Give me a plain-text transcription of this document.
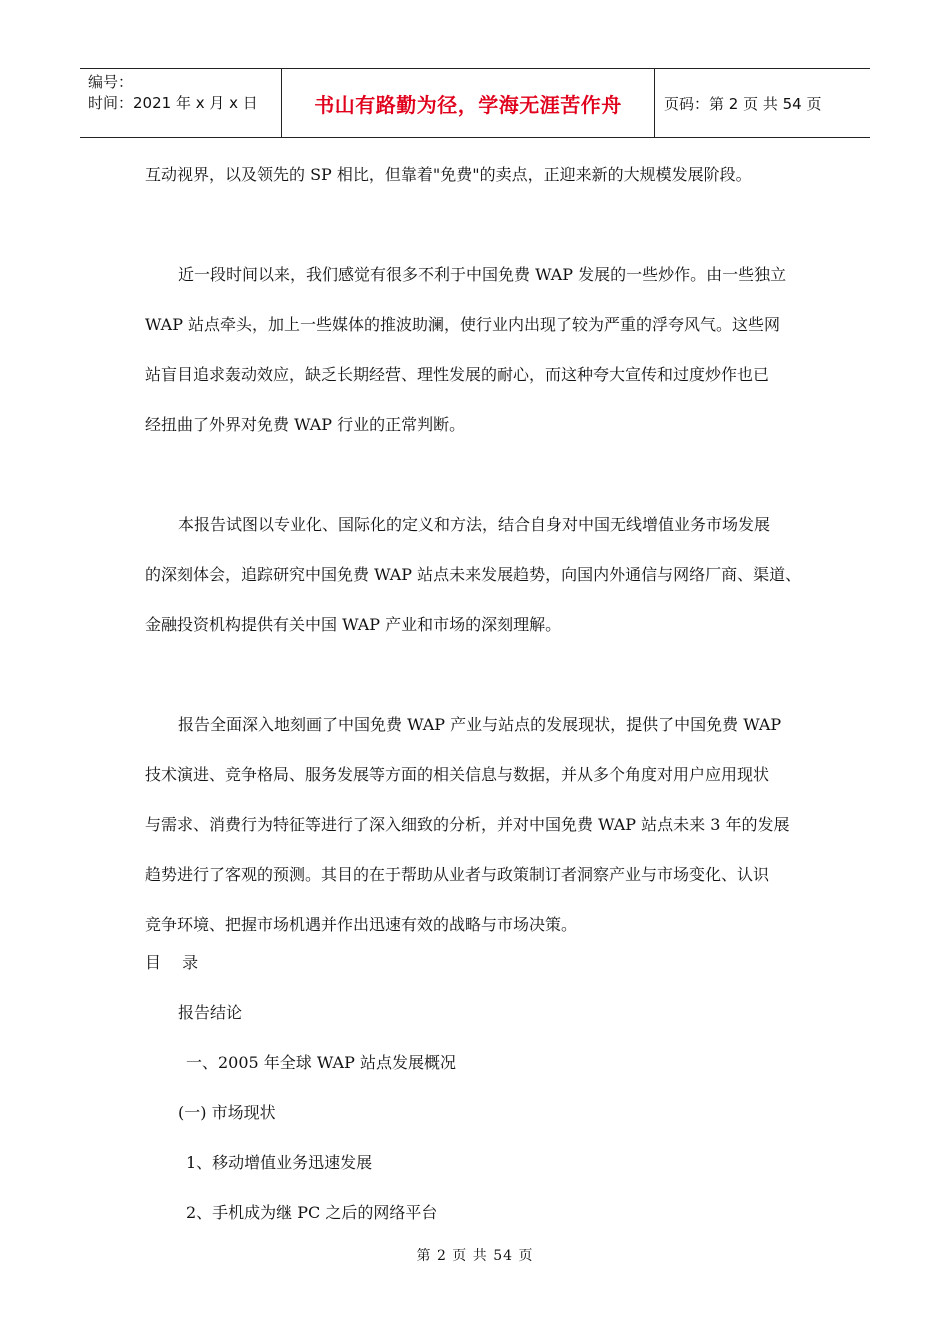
编号：
时间：2021 年 x 月 x 日	书山有路勤为径，学海无涯苦作舟	页码：第 2 页 共 54 页

互动视界，以及领先的 SP 相比，但靠着"免费"的卖点，正迎来新的大规模发展阶段。

近一段时间以来，我们感觉有很多不利于中国免费 WAP 发展的一些炒作。由一些独立

WAP 站点牵头，加上一些媒体的推波助澜，使行业内出现了较为严重的浮夸风气。这些网

站盲目追求轰动效应，缺乏长期经营、理性发展的耐心，而这种夸大宣传和过度炒作也已

经扭曲了外界对免费 WAP 行业的正常判断。

本报告试图以专业化、国际化的定义和方法，结合自身对中国无线增值业务市场发展

的深刻体会，追踪研究中国免费 WAP 站点未来发展趋势，向国内外通信与网络厂商、渠道、

金融投资机构提供有关中国 WAP 产业和市场的深刻理解。

报告全面深入地刻画了中国免费 WAP 产业与站点的发展现状，提供了中国免费 WAP

技术演进、竞争格局、服务发展等方面的相关信息与数据，并从多个角度对用户应用现状

与需求、消费行为特征等进行了深入细致的分析，并对中国免费 WAP 站点未来 3 年的发展

趋势进行了客观的预测。其目的在于帮助从业者与政策制订者洞察产业与市场变化、认识

竞争环境、把握市场机遇并作出迅速有效的战略与市场决策。

目 录
报告结论
一、2005 年全球 WAP 站点发展概况
(一) 市场现状
1、移动增值业务迅速发展
2、手机成为继 PC 之后的网络平台
第 2 页 共 54 页
